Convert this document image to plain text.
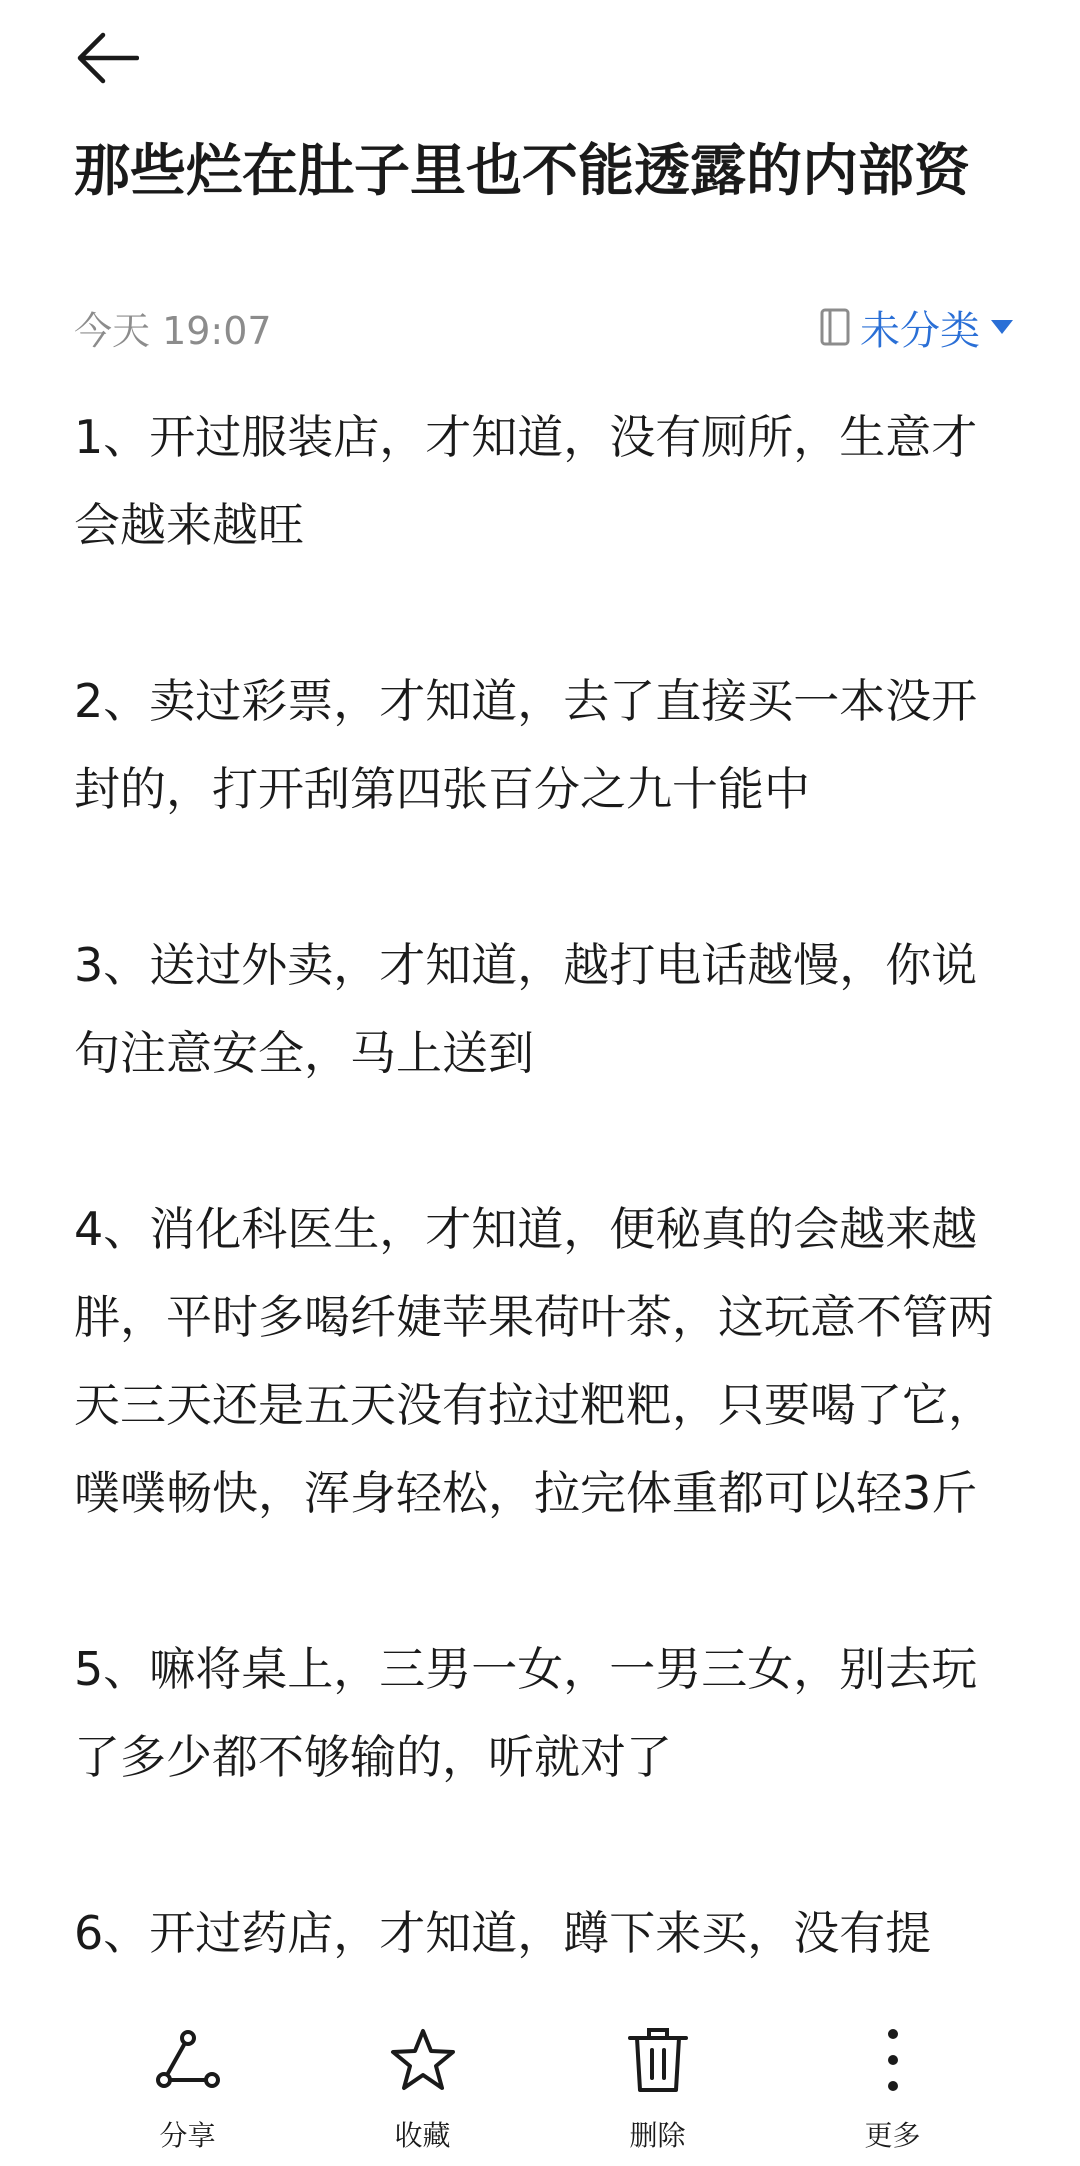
那些烂在肚子里也不能透露的内部资
今天 19:07	未分类

1、开过服装店，才知道，没有厕所，生意才会越来越旺

2、卖过彩票，才知道，去了直接买一本没开封的，打开刮第四张百分之九十能中

3、送过外卖，才知道，越打电话越慢，你说句注意安全，马上送到

4、消化科医生，才知道，便秘真的会越来越胖，平时多喝纤婕苹果荷叶茶，这玩意不管两天三天还是五天没有拉过粑粑，只要喝了它，噗噗畅快，浑身轻松，拉完体重都可以轻3斤

5、嘛将桌上，三男一女，一男三女，别去玩了多少都不够输的，听就对了

6、开过药店，才知道，蹲下来买，没有提

分享	收藏	删除	更多
